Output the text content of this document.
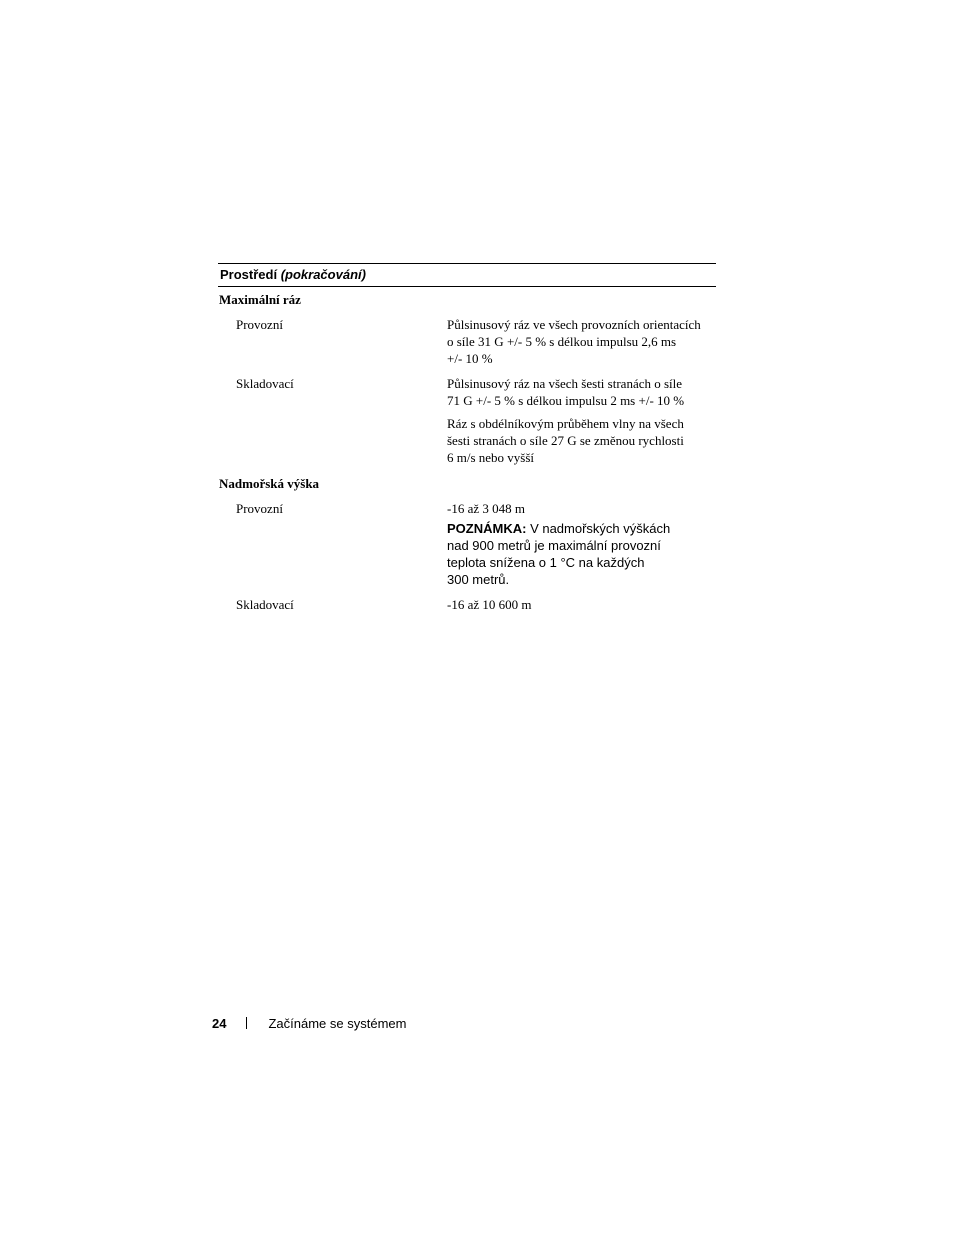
Prostředí (pokračování)
Maximální ráz
Provozní	Půlsinusový ráz ve všech provozních orientacích
o síle 31 G +/- 5 % s délkou impulsu 2,6 ms
+/- 10 %
Skladovací	Půlsinusový ráz na všech šesti stranách o síle
71 G +/- 5 % s délkou impulsu 2 ms +/- 10 %
Ráz s obdélníkovým průběhem vlny na všech
šesti stranách o síle 27 G se změnou rychlosti
6 m/s nebo vyšší
Nadmořská výška
Provozní	-16 až 3 048 m
POZNÁMKA: V nadmořských výškách
nad 900 metrů je maximální provozní
teplota snížena o 1 °C na každých
300 metrů.
Skladovací	-16 až 10 600 m
24	Začínáme se systémem
